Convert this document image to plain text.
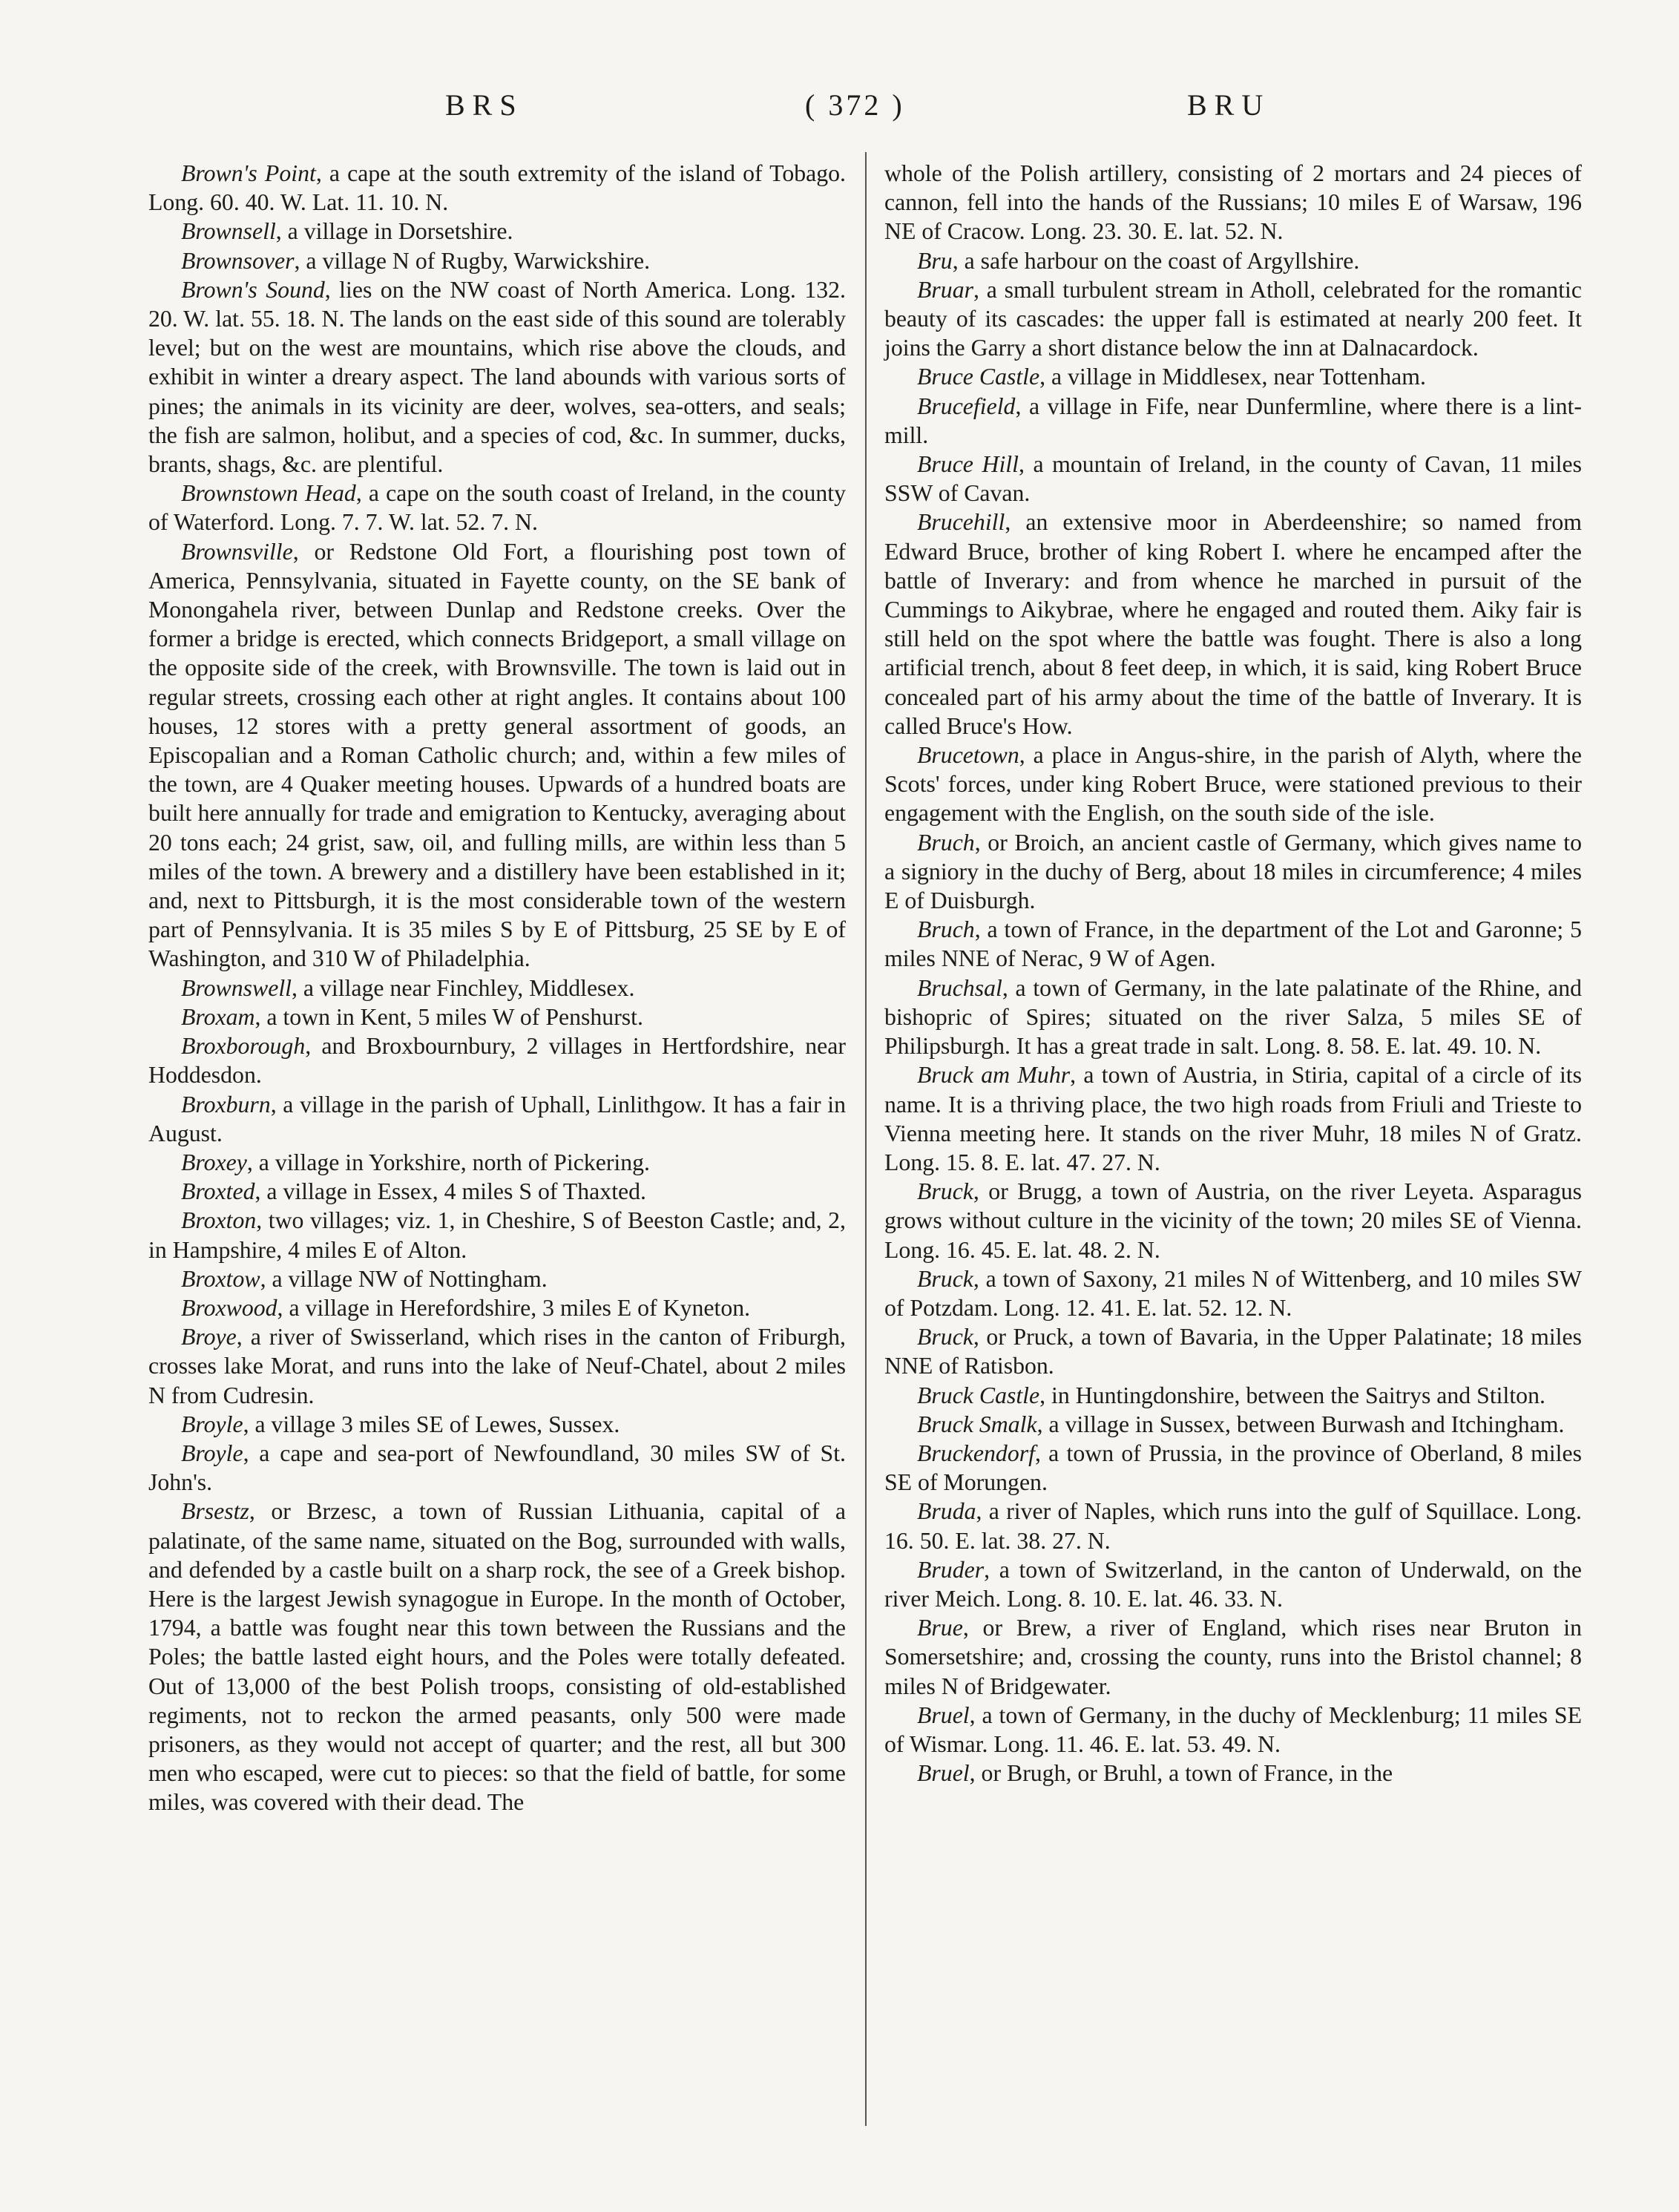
BRS	( 372 )	BRU

Brown's Point, a cape at the south extremity of the island of Tobago. Long. 60. 40. W. Lat. 11. 10. N.

Brownsell, a village in Dorsetshire.

Brownsover, a village N of Rugby, Warwickshire.

Brown's Sound, lies on the NW coast of North America. Long. 132. 20. W. lat. 55. 18. N. The lands on the east side of this sound are tolerably level; but on the west are mountains, which rise above the clouds, and exhibit in winter a dreary aspect. The land abounds with various sorts of pines; the animals in its vicinity are deer, wolves, sea-otters, and seals; the fish are salmon, holibut, and a species of cod, &c. In summer, ducks, brants, shags, &c. are plentiful.

Brownstown Head, a cape on the south coast of Ireland, in the county of Waterford. Long. 7. 7. W. lat. 52. 7. N.

Brownsville, or Redstone Old Fort, a flourishing post town of America, Pennsylvania, situated in Fayette county, on the SE bank of Monongahela river, between Dunlap and Redstone creeks. Over the former a bridge is erected, which connects Bridgeport, a small village on the opposite side of the creek, with Brownsville. The town is laid out in regular streets, crossing each other at right angles. It contains about 100 houses, 12 stores with a pretty general assortment of goods, an Episcopalian and a Roman Catholic church; and, within a few miles of the town, are 4 Quaker meeting houses. Upwards of a hundred boats are built here annually for trade and emigration to Kentucky, averaging about 20 tons each; 24 grist, saw, oil, and fulling mills, are within less than 5 miles of the town. A brewery and a distillery have been established in it; and, next to Pittsburgh, it is the most considerable town of the western part of Pennsylvania. It is 35 miles S by E of Pittsburg, 25 SE by E of Washington, and 310 W of Philadelphia.

Brownswell, a village near Finchley, Middlesex.

Broxam, a town in Kent, 5 miles W of Penshurst.

Broxborough, and Broxbournbury, 2 villages in Hertfordshire, near Hoddesdon.

Broxburn, a village in the parish of Uphall, Linlithgow. It has a fair in August.

Broxey, a village in Yorkshire, north of Pickering.

Broxted, a village in Essex, 4 miles S of Thaxted.

Broxton, two villages; viz. 1, in Cheshire, S of Beeston Castle; and, 2, in Hampshire, 4 miles E of Alton.

Broxtow, a village NW of Nottingham.

Broxwood, a village in Herefordshire, 3 miles E of Kyneton.

Broye, a river of Swisserland, which rises in the canton of Friburgh, crosses lake Morat, and runs into the lake of Neuf-Chatel, about 2 miles N from Cudresin.

Broyle, a village 3 miles SE of Lewes, Sussex.

Broyle, a cape and sea-port of Newfoundland, 30 miles SW of St. John's.

Brsestz, or Brzesc, a town of Russian Lithuania, capital of a palatinate, of the same name, situated on the Bog, surrounded with walls, and defended by a castle built on a sharp rock, the see of a Greek bishop. Here is the largest Jewish synagogue in Europe. In the month of October, 1794, a battle was fought near this town between the Russians and the Poles; the battle lasted eight hours, and the Poles were totally defeated. Out of 13,000 of the best Polish troops, consisting of old-established regiments, not to reckon the armed peasants, only 500 were made prisoners, as they would not accept of quarter; and the rest, all but 300 men who escaped, were cut to pieces: so that the field of battle, for some miles, was covered with their dead. The

whole of the Polish artillery, consisting of 2 mortars and 24 pieces of cannon, fell into the hands of the Russians; 10 miles E of Warsaw, 196 NE of Cracow. Long. 23. 30. E. lat. 52. N.

Bru, a safe harbour on the coast of Argyllshire.

Bruar, a small turbulent stream in Atholl, celebrated for the romantic beauty of its cascades: the upper fall is estimated at nearly 200 feet. It joins the Garry a short distance below the inn at Dalnacardock.

Bruce Castle, a village in Middlesex, near Tottenham.

Brucefield, a village in Fife, near Dunfermline, where there is a lint-mill.

Bruce Hill, a mountain of Ireland, in the county of Cavan, 11 miles SSW of Cavan.

Brucehill, an extensive moor in Aberdeenshire; so named from Edward Bruce, brother of king Robert I. where he encamped after the battle of Inverary: and from whence he marched in pursuit of the Cummings to Aikybrae, where he engaged and routed them. Aiky fair is still held on the spot where the battle was fought. There is also a long artificial trench, about 8 feet deep, in which, it is said, king Robert Bruce concealed part of his army about the time of the battle of Inverary. It is called Bruce's How.

Brucetown, a place in Angus-shire, in the parish of Alyth, where the Scots' forces, under king Robert Bruce, were stationed previous to their engagement with the English, on the south side of the isle.

Bruch, or Broich, an ancient castle of Germany, which gives name to a signiory in the duchy of Berg, about 18 miles in circumference; 4 miles E of Duisburgh.

Bruch, a town of France, in the department of the Lot and Garonne; 5 miles NNE of Nerac, 9 W of Agen.

Bruchsal, a town of Germany, in the late palatinate of the Rhine, and bishopric of Spires; situated on the river Salza, 5 miles SE of Philipsburgh. It has a great trade in salt. Long. 8. 58. E. lat. 49. 10. N.

Bruck am Muhr, a town of Austria, in Stiria, capital of a circle of its name. It is a thriving place, the two high roads from Friuli and Trieste to Vienna meeting here. It stands on the river Muhr, 18 miles N of Gratz. Long. 15. 8. E. lat. 47. 27. N.

Bruck, or Brugg, a town of Austria, on the river Leyeta. Asparagus grows without culture in the vicinity of the town; 20 miles SE of Vienna. Long. 16. 45. E. lat. 48. 2. N.

Bruck, a town of Saxony, 21 miles N of Wittenberg, and 10 miles SW of Potzdam. Long. 12. 41. E. lat. 52. 12. N.

Bruck, or Pruck, a town of Bavaria, in the Upper Palatinate; 18 miles NNE of Ratisbon.

Bruck Castle, in Huntingdonshire, between the Saitrys and Stilton.

Bruck Smalk, a village in Sussex, between Burwash and Itchingham.

Bruckendorf, a town of Prussia, in the province of Oberland, 8 miles SE of Morungen.

Bruda, a river of Naples, which runs into the gulf of Squillace. Long. 16. 50. E. lat. 38. 27. N.

Bruder, a town of Switzerland, in the canton of Underwald, on the river Meich. Long. 8. 10. E. lat. 46. 33. N.

Brue, or Brew, a river of England, which rises near Bruton in Somersetshire; and, crossing the county, runs into the Bristol channel; 8 miles N of Bridgewater.

Bruel, a town of Germany, in the duchy of Mecklenburg; 11 miles SE of Wismar. Long. 11. 46. E. lat. 53. 49. N.

Bruel, or Brugh, or Bruhl, a town of France, in the
